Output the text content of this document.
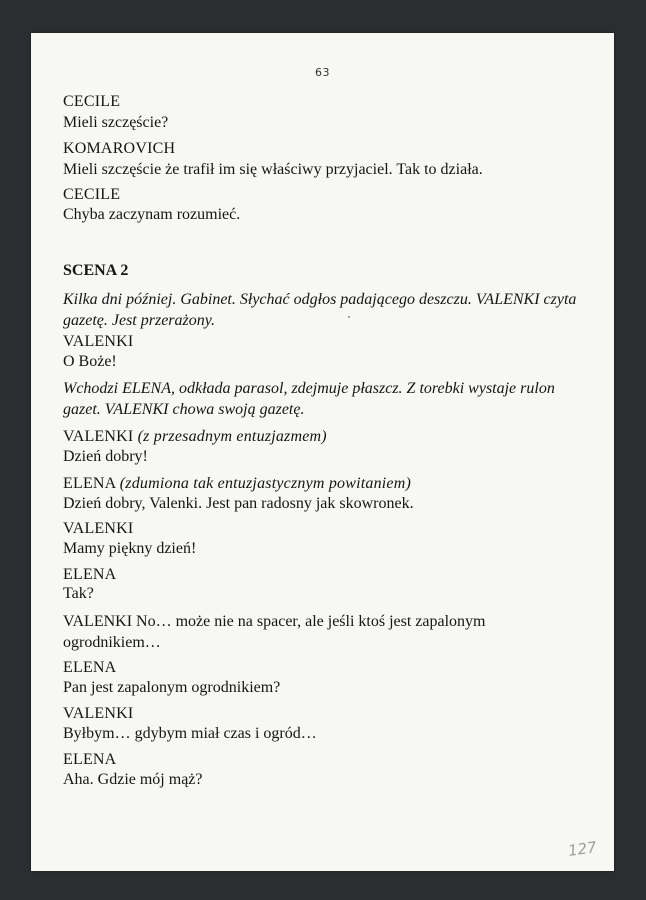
63
CECILE
Mieli szczęście?
KOMAROVICH
Mieli szczęście że trafił im się właściwy przyjaciel. Tak to działa.
CECILE
Chyba zaczynam rozumieć.
SCENA 2
Kilka dni później. Gabinet. Słychać odgłos padającego deszczu. VALENKI czyta gazetę. Jest przerażony.
VALENKI
O Boże!
Wchodzi ELENA, odkłada parasol, zdejmuje płaszcz. Z torebki wystaje rulon gazet. VALENKI chowa swoją gazetę.
VALENKI (z przesadnym entuzjazmem)
Dzień dobry!
ELENA (zdumiona tak entuzjastycznym powitaniem)
Dzień dobry, Valenki. Jest pan radosny jak skowronek.
VALENKI
Mamy piękny dzień!
ELENA
Tak?
VALENKI No… może nie na spacer, ale jeśli ktoś jest zapalonym ogrodnikiem…
ELENA
Pan jest zapalonym ogrodnikiem?
VALENKI
Byłbym… gdybym miał czas i ogród…
ELENA
Aha. Gdzie mój mąż?
127
